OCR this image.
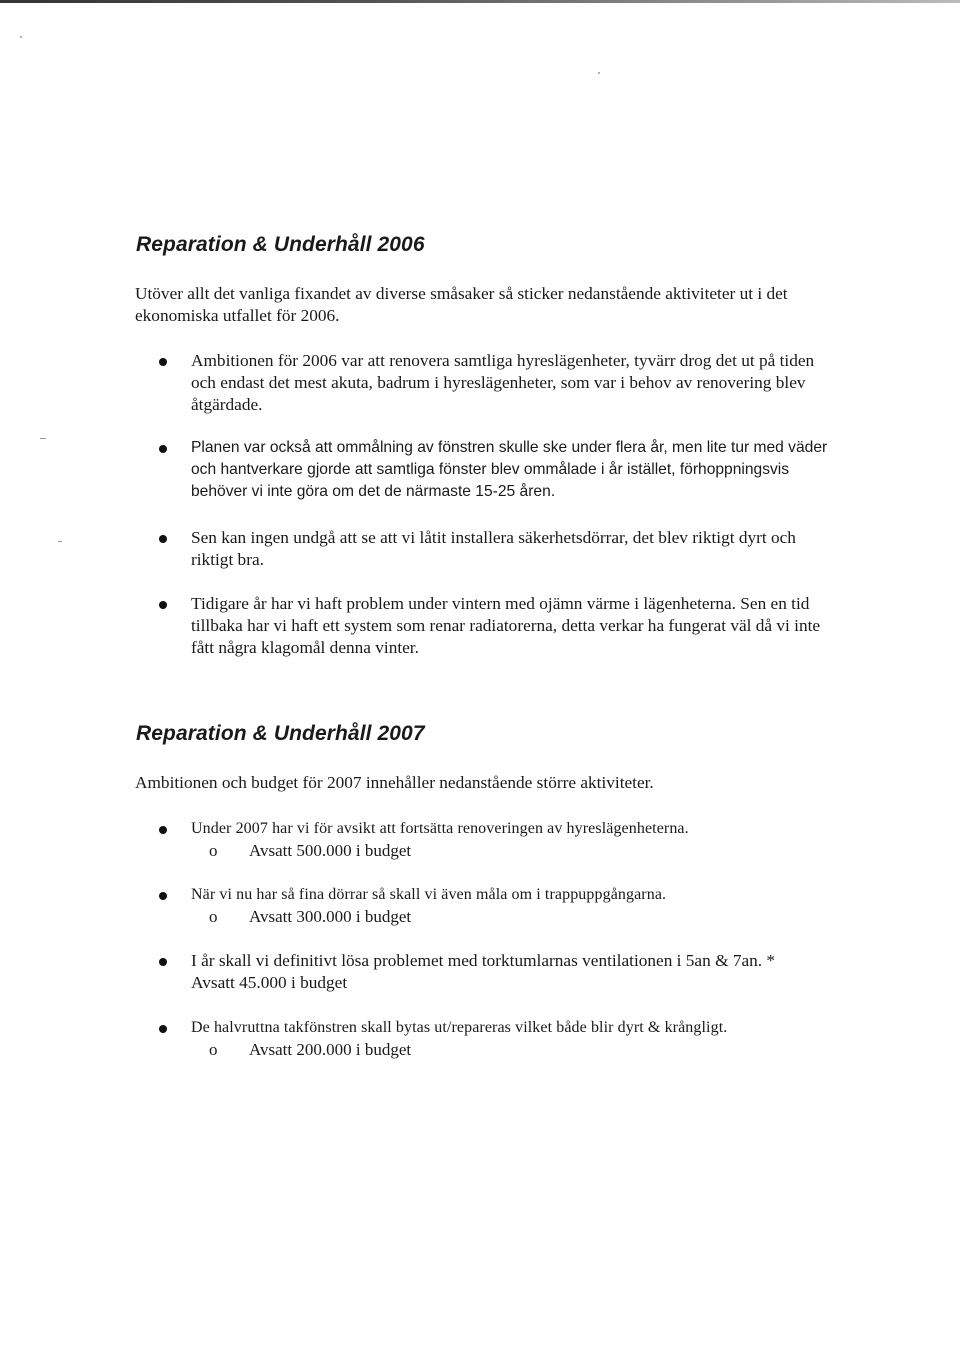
Reparation & Underhåll 2006

Utöver allt det vanliga fixandet av diverse småsaker så sticker nedanstående aktiviteter ut i det ekonomiska utfallet för 2006.

Ambitionen för 2006 var att renovera samtliga hyreslägenheter, tyvärr drog det ut på tiden och endast det mest akuta, badrum i hyreslägenheter, som var i behov av renovering blev åtgärdade.

Planen var också att ommålning av fönstren skulle ske under flera år, men lite tur med väder och hantverkare gjorde att samtliga fönster blev ommålade i år istället, förhoppningsvis behöver vi inte göra om det de närmaste 15-25 åren.

Sen kan ingen undgå att se att vi låtit installera säkerhetsdörrar, det blev riktigt dyrt och riktigt bra.

Tidigare år har vi haft problem under vintern med ojämn värme i lägenheterna. Sen en tid tillbaka har vi haft ett system som renar radiatorerna, detta verkar ha fungerat väl då vi inte fått några klagomål denna vinter.

Reparation & Underhåll 2007

Ambitionen och budget för 2007 innehåller nedanstående större aktiviteter.

Under 2007 har vi för avsikt att fortsätta renoveringen av hyreslägenheterna.

o Avsatt 500.000 i budget

När vi nu har så fina dörrar så skall vi även måla om i trappuppgångarna.

o Avsatt 300.000 i budget

I år skall vi definitivt lösa problemet med torktumlarnas ventilationen i 5an & 7an. * Avsatt 45.000 i budget

De halvruttna takfönstren skall bytas ut/repareras vilket både blir dyrt & krångligt.

o Avsatt 200.000 i budget
